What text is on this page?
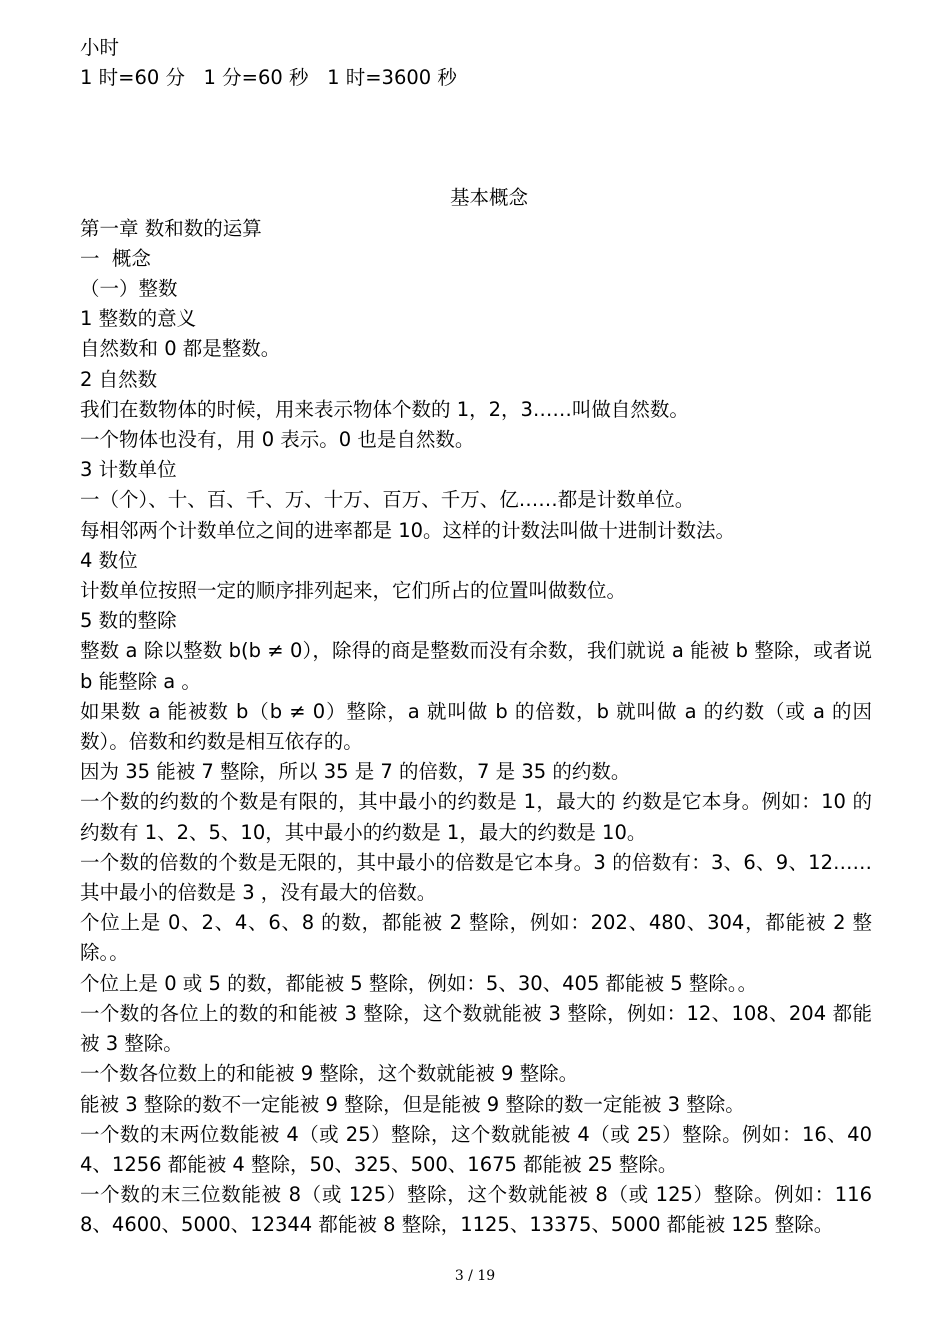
小时
1 时=60 分   1 分=60 秒   1 时=3600 秒
基本概念
第一章 数和数的运算
一  概念
（一）整数
1 整数的意义
自然数和 0 都是整数。
2 自然数
我们在数物体的时候，用来表示物体个数的 1，2，3……叫做自然数。
一个物体也没有，用 0 表示。0 也是自然数。
3 计数单位
一（个）、十、百、千、万、十万、百万、千万、亿……都是计数单位。
每相邻两个计数单位之间的进率都是 10。这样的计数法叫做十进制计数法。
4 数位
计数单位按照一定的顺序排列起来，它们所占的位置叫做数位。
5 数的整除
整数 a 除以整数 b(b ≠ 0），除得的商是整数而没有余数，我们就说 a 能被 b 整除，或者说 b 能整除 a 。
如果数 a 能被数 b（b ≠ 0）整除，a 就叫做 b 的倍数，b 就叫做 a 的约数（或 a 的因数）。倍数和约数是相互依存的。
因为 35 能被 7 整除，所以 35 是 7 的倍数，7 是 35 的约数。
一个数的约数的个数是有限的，其中最小的约数是 1，最大的 约数是它本身。例如：10 的约数有 1、2、5、10，其中最小的约数是 1，最大的约数是 10。
一个数的倍数的个数是无限的，其中最小的倍数是它本身。3 的倍数有：3、6、9、12……其中最小的倍数是 3 ，没有最大的倍数。
个位上是 0、2、4、6、8 的数，都能被 2 整除，例如：202、480、304，都能被 2 整除。。
个位上是 0 或 5 的数，都能被 5 整除，例如：5、30、405 都能被 5 整除。。
一个数的各位上的数的和能被 3 整除，这个数就能被 3 整除，例如：12、108、204 都能被 3 整除。
一个数各位数上的和能被 9 整除，这个数就能被 9 整除。
能被 3 整除的数不一定能被 9 整除，但是能被 9 整除的数一定能被 3 整除。
一个数的末两位数能被 4（或 25）整除，这个数就能被 4（或 25）整除。例如：16、404、1256 都能被 4 整除，50、325、500、1675 都能被 25 整除。
一个数的末三位数能被 8（或 125）整除，这个数就能被 8（或 125）整除。例如：1168、4600、5000、12344 都能被 8 整除，1125、13375、5000 都能被 125 整除。
3 / 19
